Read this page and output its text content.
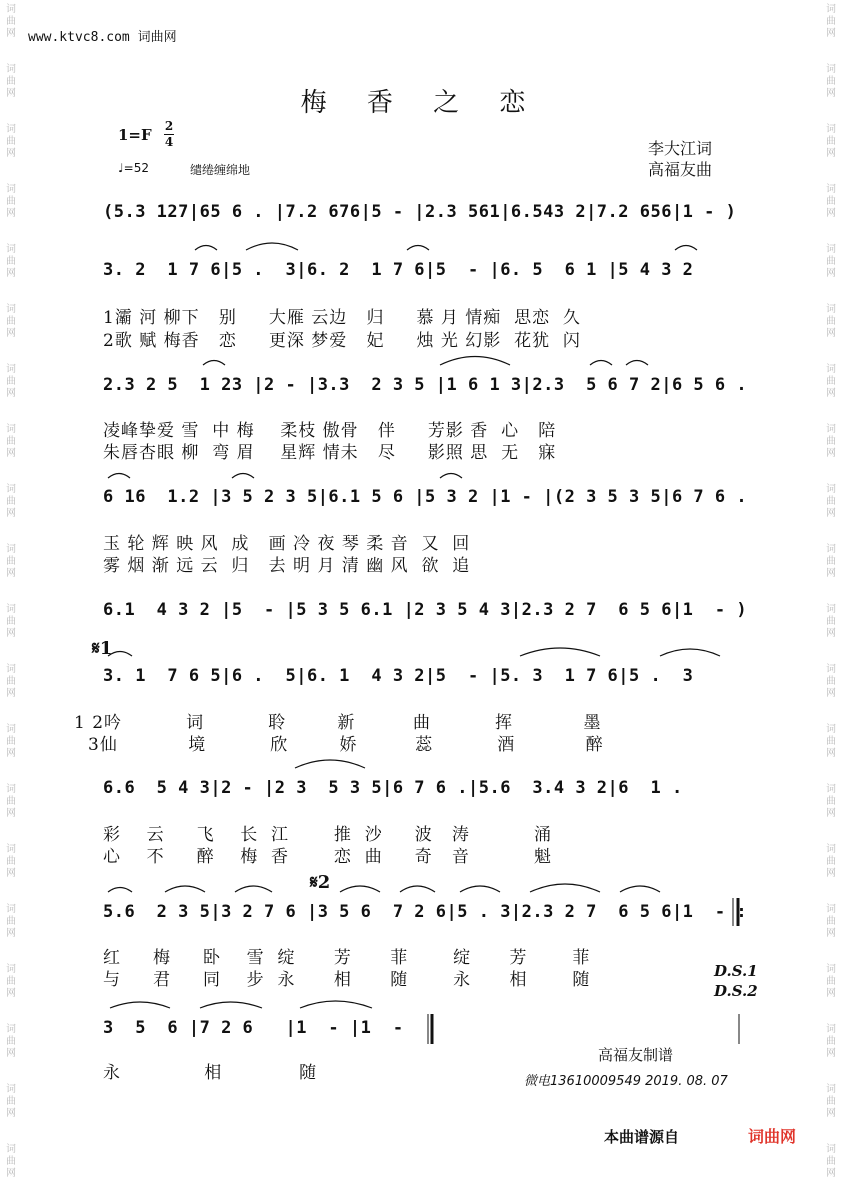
词
曲
网
词
曲
网
词
曲
网
词
曲
网
词
曲
网
词
曲
网
词
曲
网
词
曲
网
词
曲
网
词
曲
网
词
曲
网
词
曲
网
词
曲
网
词
曲
网
词
曲
网
词
曲
网
词
曲
网
词
曲
网
词
曲
网
词
曲
网
词
曲
网
词
曲
网
词
曲
网
词
曲
网
词
曲
网
词
曲
网
词
曲
网
词
曲
网
词
曲
网
词
曲
网
词
曲
网
词
曲
网
词
曲
网
词
曲
网
词
曲
网
词
曲
网
词
曲
网
词
曲
网
词
曲
网
词
曲
网
www.ktvc8.com 词曲网
梅 香 之 恋
1=F 2
4
♩=52	缱绻缠绵地
李大江词
高福友曲
(5.3 127|65 6 . |7.2 676|5 - |2.3 561|6.543 2|7.2 656|1 - )
3. 2  1 7 6|5 .  3|6. 2  1 7 6|5  - |6. 5  6 1 |5 4 3 2
1灞 河 柳下   别     大雁 云边   归     慕 月 情痴  思恋  久
2歌 赋 梅香   恋     更深 梦爱   妃     烛 光 幻影  花犹  闪
2.3 2 5  1 23 |2 - |3.3  2 3 5 |1 6 1 3|2.3  5 6 7 2|6 5 6 .
凌峰挚爱 雪  中 梅    柔枝 傲骨   伴     芳影 香  心   陪
朱唇杏眼 柳  弯 眉    星辉 情未   尽     影照 思  无   寐
6 16  1.2 |3 5 2 3 5|6.1 5 6 |5 3 2 |1 - |(2 3 5 3 5|6 7 6 .
玉 轮 辉 映 风  成   画 冷 夜 琴 柔 音  又  回
雾 烟 渐 远 云  归   去 明 月 清 幽 风  欲  追
6.1  4 3 2 |5  - |5 3 5 6.1 |2 3 5 4 3|2.3 2 7  6 5 6|1  - )
𝄋1
3. 1  7 6 5|6 .  5|6. 1  4 3 2|5  - |5. 3  1 7 6|5 .  3
1 2吟          词          聆        新         曲          挥           墨
3仙           境          欣        娇         蕊          酒           醉
6.6  5 4 3|2 - |2 3  5 3 5|6 7 6 .|5.6  3.4 3 2|6  1 .
彩    云     飞    长  江       推  沙     波   涛          涌
心    不     醉    梅  香       恋  曲     奇   音          魁
𝄋2
5.6  2 3 5|3 2 7 6 |3 5 6  7 2 6|5 . 3|2.3 2 7  6 5 6|1  - :
红     梅     卧    雪  绽      芳      菲       绽      芳       菲
与     君     同    步  永      相      随       永      相       随	D.S.1
D.S.2
3  5  6 |7 2 6   |1  - |1  -
永             相            随
高福友制谱
微电13610009549 2019. 08. 07
本曲谱源自	词曲网
